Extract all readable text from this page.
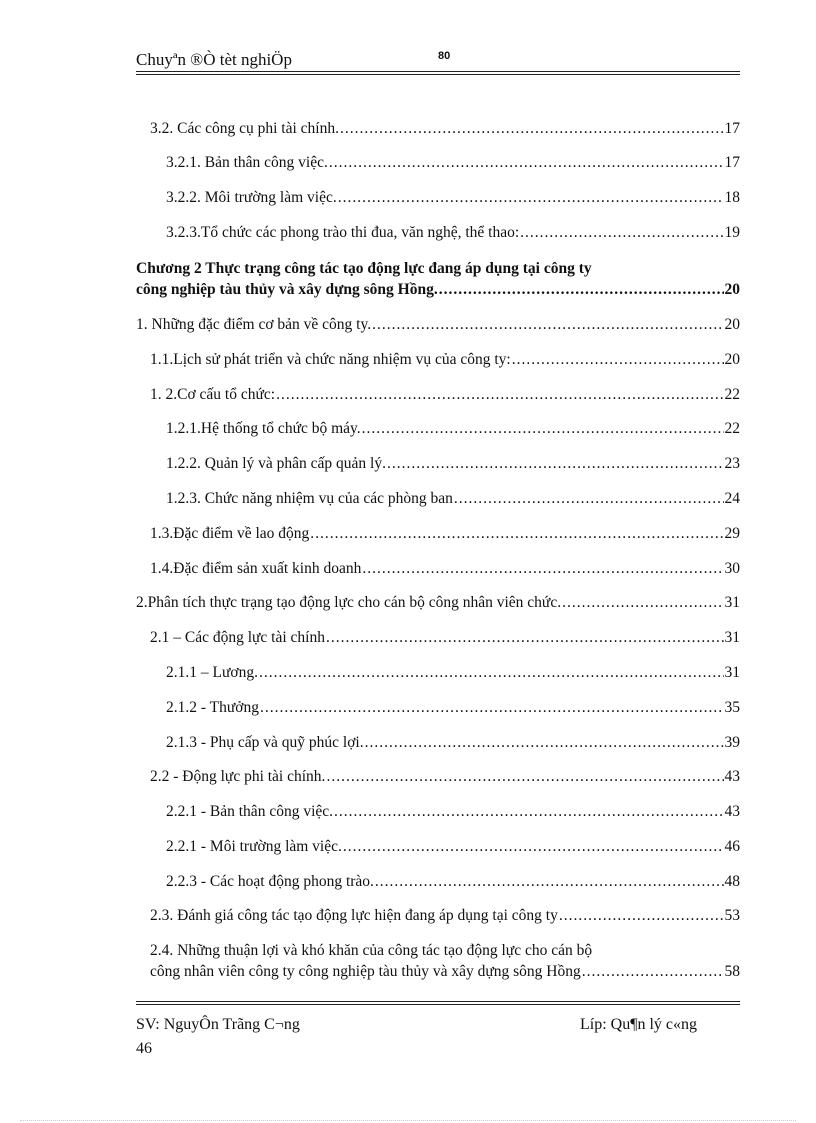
Chuyªn ®Ò tèt nghiÖp	80
3.2. Các công cụ phi tài chính. .....	17
3.2.1. Bản thân công việc. .....	17
3.2.2. Môi trường làm việc. .....	18
3.2.3.Tổ chức các phong trào thi đua, văn nghệ, thể thao: .....	19
Chương 2 Thực trạng công tác tạo động lực đang áp dụng tại công ty
công nghiệp tàu thủy và xây dựng sông Hồng. .....	20
1. Những đặc điểm cơ bản về công ty. .....	20
1.1.Lịch sử phát triển và chức năng nhiệm vụ của công ty: .....	20
1. 2.Cơ cấu tổ chức: .....	22
1.2.1.Hệ thống tổ chức bộ máy. .....	22
1.2.2. Quản lý và phân cấp quản lý. .....	23
1.2.3. Chức năng nhiệm vụ của các phòng ban .....	24
1.3.Đặc điểm về lao động .....	29
1.4.Đặc điểm sản xuất kinh doanh .....	30
2.Phân tích thực trạng tạo động lực cho cán bộ công nhân viên chức. .....	31
2.1 – Các động lực tài chính .....	31
2.1.1 – Lương. .....	31
2.1.2 - Thưởng .....	35
2.1.3 - Phụ cấp và quỹ phúc lợi. .....	39
2.2 - Động lực phi tài chính. .....	43
2.2.1 - Bản thân công việc. .....	43
2.2.1 - Môi trường làm việc. .....	46
2.2.3 - Các hoạt động phong trào. .....	48
2.3. Đánh giá công tác tạo động lực hiện đang áp dụng tại công ty .....	53
2.4. Những thuận lợi và khó khăn của công tác tạo động lực cho cán bộ
công nhân viên công ty công nghiệp tàu thủy và xây dựng sông Hồng .....	58
SV: NguyÔn Trãng C¬ng	Líp: Qu¶n lý c«ng
46
